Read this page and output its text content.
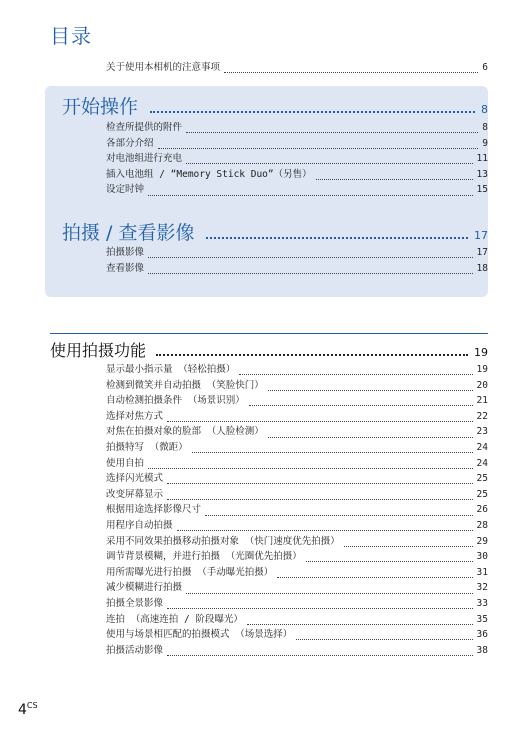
目录
关于使用本相机的注意事项	6
开始操作	8
检查所提供的附件	8
各部分介绍	9
对电池组进行充电	11
插入电池组 / “Memory Stick Duo”（另售）	13
设定时钟	15
拍摄 / 查看影像	17
拍摄影像	17
查看影像	18
使用拍摄功能	19
显示最小指示量 （轻松拍摄）	19
检测到微笑并自动拍摄 （笑脸快门）	20
自动检测拍摄条件 （场景识别）	21
选择对焦方式	22
对焦在拍摄对象的脸部 （人脸检测）	23
拍摄特写 （微距）	24
使用自拍	24
选择闪光模式	25
改变屏幕显示	25
根据用途选择影像尺寸	26
用程序自动拍摄	28
采用不同效果拍摄移动拍摄对象 （快门速度优先拍摄）	29
调节背景模糊，并进行拍摄 （光圈优先拍摄）	30
用所需曝光进行拍摄 （手动曝光拍摄）	31
减少模糊进行拍摄	32
拍摄全景影像	33
连拍 （高速连拍 / 阶段曝光）	35
使用与场景相匹配的拍摄模式 （场景选择）	36
拍摄活动影像	38
$4^{CS}$
